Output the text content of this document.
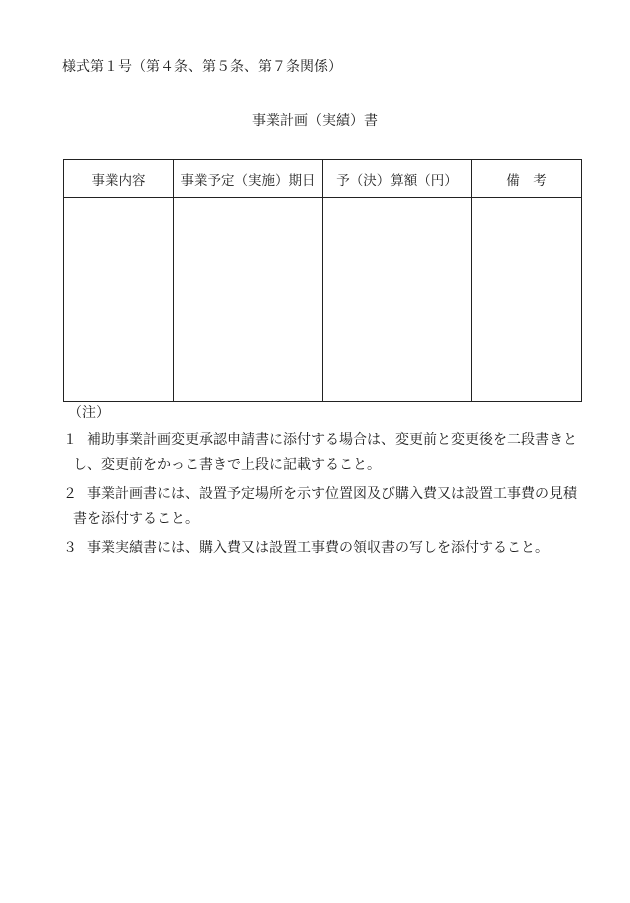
様式第１号（第４条、第５条、第７条関係）
事業計画（実績）書
事業内容	事業予定（実施）期日	予（決）算額（円）	備　考

（注）
１ 補助事業計画変更承認申請書に添付する場合は、変更前と変更後を二段書きと
し、変更前をかっこ書きで上段に記載すること。
２ 事業計画書には、設置予定場所を示す位置図及び購入費又は設置工事費の見積
書を添付すること。
３ 事業実績書には、購入費又は設置工事費の領収書の写しを添付すること。
